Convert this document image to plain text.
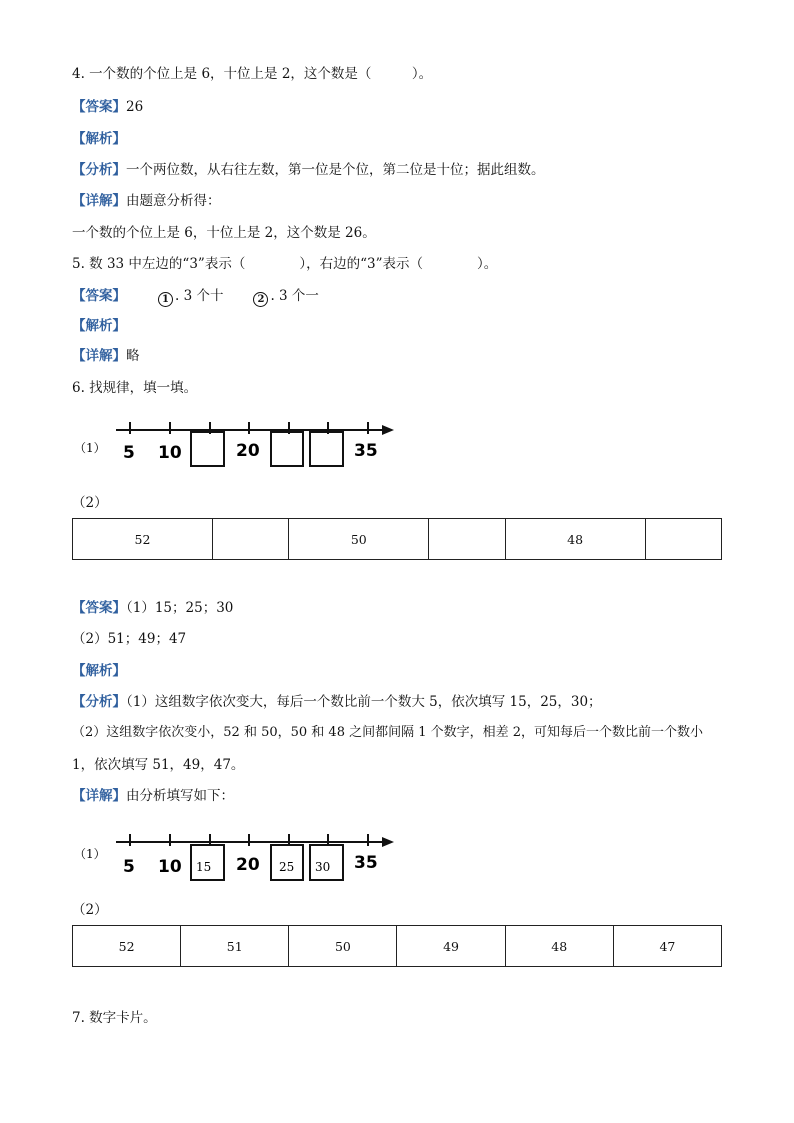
4. 一个数的个位上是 6，十位上是 2，这个数是（　　　）。
【答案】26
【解析】
【分析】一个两位数，从右往左数，第一位是个位，第二位是十位；据此组数。
【详解】由题意分析得：
一个数的个位上是 6，十位上是 2，这个数是 26。
5. 数 33 中左边的“3”表示（　　　　），右边的“3”表示（　　　　）。
【答案】	1 . 3 个十	2 . 3 个一
【解析】
【详解】略
6. 找规律，填一填。
（1） 5 10	20	35
（2）
52		50		48	
【答案】（1）15；25；30
（2）51；49；47
【解析】
【分析】（1）这组数字依次变大，每后一个数比前一个数大 5，依次填写 15，25，30；
（2）这组数字依次变小，52 和 50，50 和 48 之间都间隔 1 个数字，相差 2，可知每后一个数比前一个数小
1，依次填写 51，49，47。
【详解】由分析填写如下：
（1）
5 10	20	35
15	25 30
（2）
52	51	50	49	48	47
7. 数字卡片。
